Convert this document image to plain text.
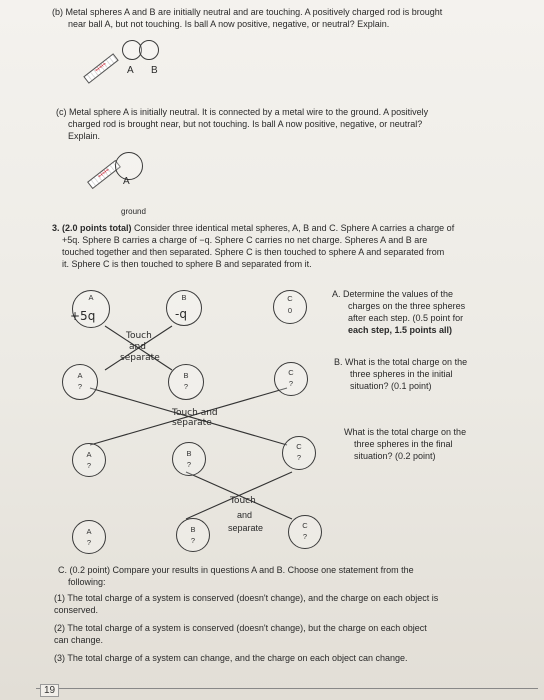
(b) Metal spheres A and B are initially neutral and are touching. A positively charged rod is brought
near ball A, but not touching. Is ball A now positive, negative, or neutral? Explain.
+++++	A B
(c) Metal sphere A is initially neutral. It is connected by a metal wire to the ground. A positively
charged rod is brought near, but not touching. Is ball A now positive, negative, or neutral?
Explain.
+++++
A
ground
3. (2.0 points total) Consider three identical metal spheres, A, B and C. Sphere A carries a charge of
+5q. Sphere B carries a charge of −q. Sphere C carries no net charge. Spheres A and B are
touched together and then separated. Sphere C is then touched to sphere A and separated from
it. Sphere C is then touched to sphere B and separated from it.
A
+5q
B
-q
C
0
Touch
and
separate
A
?
B
?
C
?
Touch and
separate
A
?
B
?
C
?
Touch
and
separate
A
?
B
?
C
?
A. Determine the values of the
charges on the three spheres
after each step. (0.5 point for
each step, 1.5 points all)
B. What is the total charge on the
three spheres in the initial
situation? (0.1 point)
What is the total charge on the
three spheres in the final
situation? (0.2 point)
C. (0.2 point) Compare your results in questions A and B. Choose one statement from the
following:
(1) The total charge of a system is conserved (doesn't change), and the charge on each object is
conserved.
(2) The total charge of a system is conserved (doesn't change), but the charge on each object
can change.
(3) The total charge of a system can change, and the charge on each object can change.
19
